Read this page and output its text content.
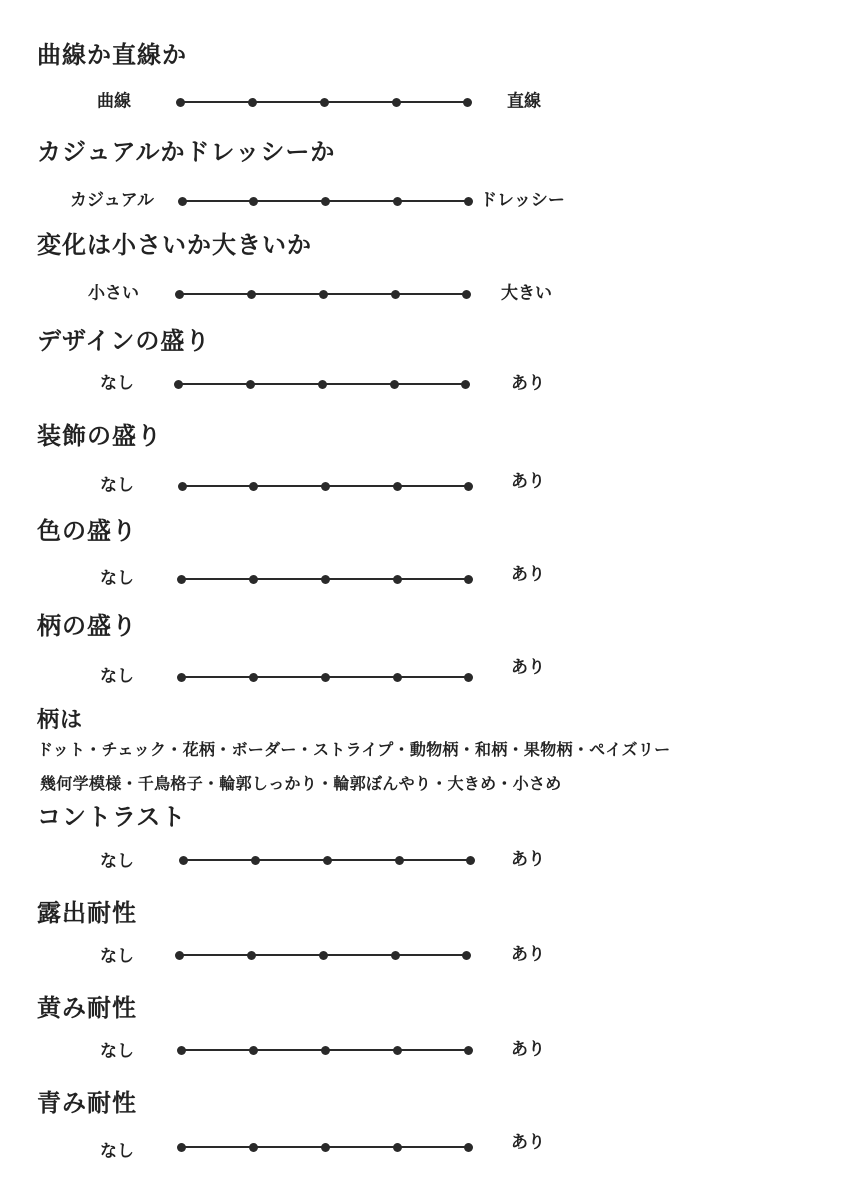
曲線か直線か
曲線	直線
カジュアルかドレッシーか
カジュアル	ドレッシー
変化は小さいか大きいか
小さい	大きい
デザインの盛り
なし	あり
装飾の盛り
なし	あり
色の盛り
なし	あり
柄の盛り
なし	あり
柄は
ドット・チェック・花柄・ボーダー・ストライプ・動物柄・和柄・果物柄・ペイズリー
幾何学模様・千鳥格子・輪郭しっかり・輪郭ぼんやり・大きめ・小さめ
コントラスト
なし	あり
露出耐性
なし	あり
黄み耐性
なし	あり
青み耐性
なし	あり
